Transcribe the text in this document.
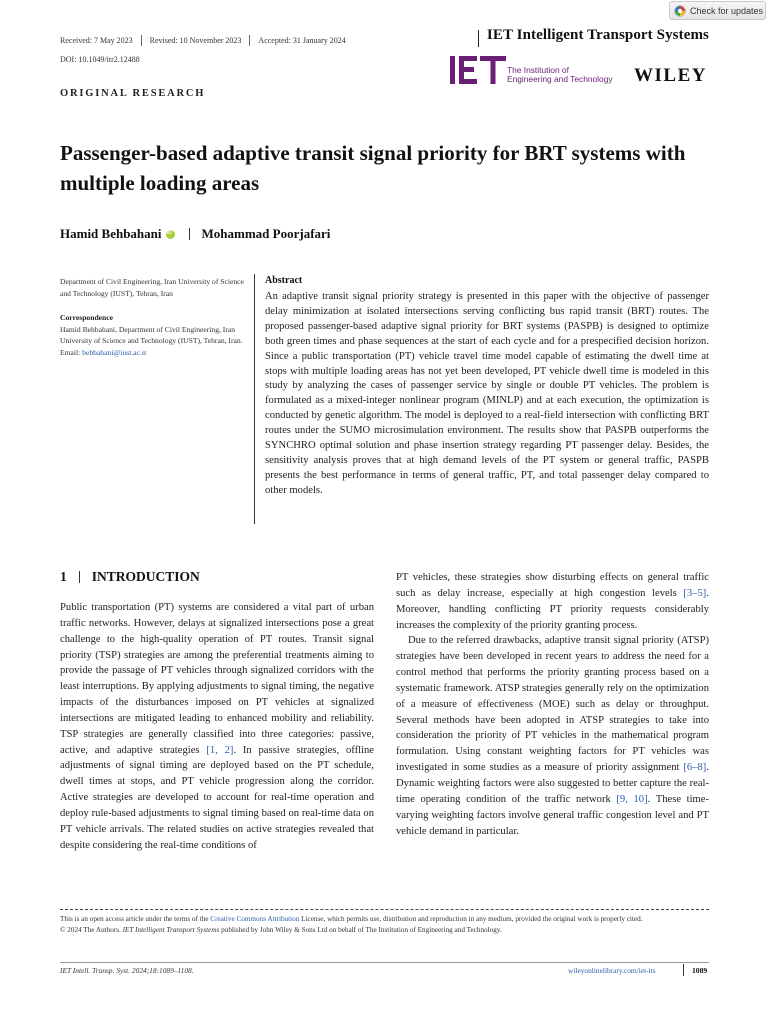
Check for updates
Received: 7 May 2023 Revised: 10 November 2023 Accepted: 31 January 2024
DOI: 10.1049/itr2.12488
IET Intelligent Transport Systems
The Institution of
Engineering and Technology WILEY
ORIGINAL RESEARCH
Passenger-based adaptive transit signal priority for BRT systems with multiple loading areas
Hamid Behbahani
iD	Mohammad Poorjafari
Department of Civil Engineering, Iran University of Science and Technology (IUST), Tehran, Iran
Correspondence
Hamid Behbahani, Department of Civil Engineering, Iran University of Science and Technology (IUST), Tehran, Iran.
Email: behbahani@iust.ac.ir
Abstract
An adaptive transit signal priority strategy is presented in this paper with the objective of passenger delay minimization at isolated intersections serving conflicting bus rapid transit (BRT) routes. The proposed passenger-based adaptive signal priority for BRT systems (PASPB) is designed to optimize both green times and phase sequences at the start of each cycle and for a prespecified decision horizon. Since a public transportation (PT) vehicle travel time model capable of estimating the dwell time at stops with multiple loading areas has not yet been developed, PT vehicle dwell time is modeled in this study by analyzing the cases of passenger service by single or double PT vehicles. The problem is formulated as a mixed-integer nonlinear program (MINLP) and at each execution, the optimization is conducted by genetic algorithm. The model is deployed to a real-field intersection with conflicting BRT routes under the SUMO microsimulation environment. The results show that PASPB outperforms the SYNCHRO optimal solution and phase insertion strategy regarding PT passenger delay. Besides, the sensitivity analysis proves that at high demand levels of the PT system or general traffic, PASPB presents the best performance in terms of general traffic, PT, and total passenger delay compared to other models.
1 INTRODUCTION

Public transportation (PT) systems are considered a vital part of urban traffic networks. However, delays at signalized intersections pose a great challenge to the high-quality operation of PT routes. Transit signal priority (TSP) strategies are among the preferential treatments aiming to provide the passage of PT vehicles through signalized corridors with the least interruptions. By applying adjustments to signal timing, the negative impacts of the disturbances imposed on PT vehicles at signalized intersections are mitigated leading to enhanced mobility and reliability. TSP strategies are generally classified into three categories: passive, active, and adaptive strategies [1, 2]. In passive strategies, offline adjustments of signal timing are deployed based on the PT schedule, dwell times at stops, and PT vehicle progression along the corridor. Active strategies are developed to account for real-time operation and deploy rule-based adjustments to signal timing based on real-time data on PT vehicle arrivals. The related studies on active strategies revealed that despite considering the real-time conditions of

PT vehicles, these strategies show disturbing effects on general traffic such as delay increase, especially at high congestion levels [3–5]. Moreover, handling conflicting PT priority requests considerably increases the complexity of the priority granting process.

Due to the referred drawbacks, adaptive transit signal priority (ATSP) strategies have been developed in recent years to address the need for a control method that performs the priority granting process based on a systematic framework. ATSP strategies generally rely on the optimization of a measure of effectiveness (MOE) such as delay or throughput. Several methods have been adopted in ATSP strategies to take into consideration the priority of PT vehicles in the mathematical program formulation. Using constant weighting factors for PT vehicles was investigated in some studies as a measure of priority assignment [6–8]. Dynamic weighting factors were also suggested to better capture the real-time operating condition of the traffic network [9, 10]. These time-varying weighting factors involve general traffic congestion level and PT vehicle demand in particular.

This is an open access article under the terms of the Creative Commons Attribution License, which permits use, distribution and reproduction in any medium, provided the original work is properly cited.
© 2024 The Authors. IET Intelligent Transport Systems published by John Wiley & Sons Ltd on behalf of The Institution of Engineering and Technology.
IET Intell. Transp. Syst. 2024;18:1089–1108.	wileyonlinelibrary.com/iet-its	1089
